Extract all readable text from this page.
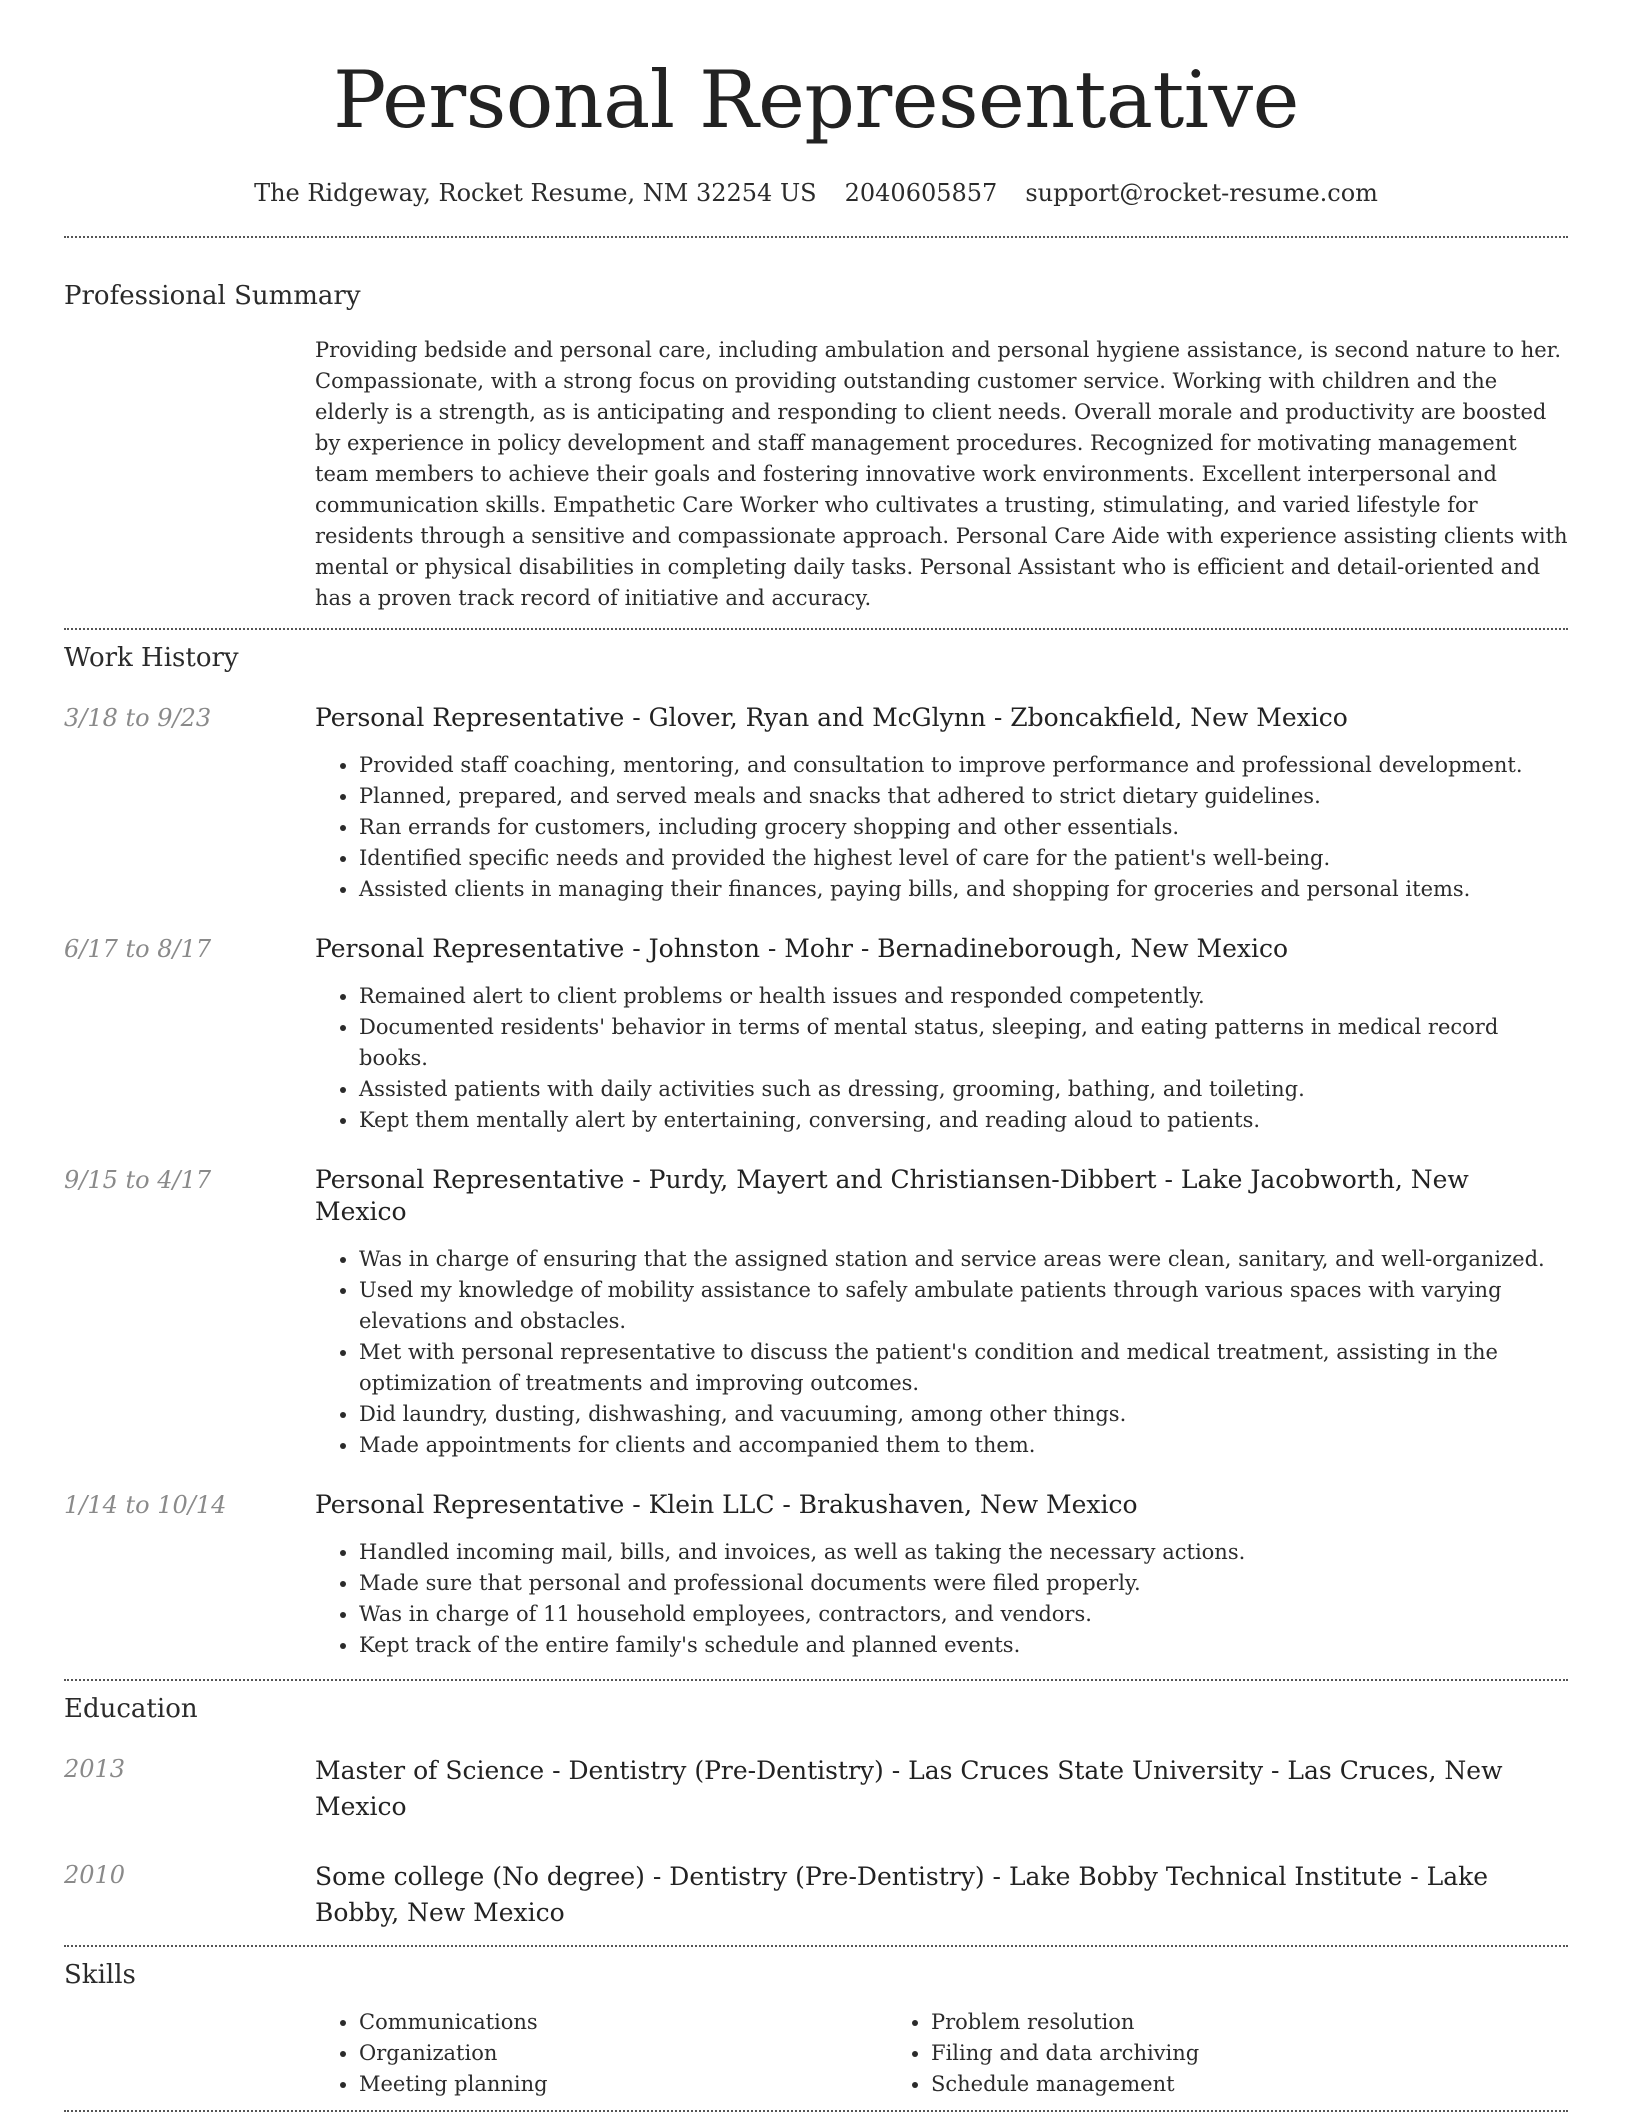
Personal Representative
The Ridgeway, Rocket Resume, NM 32254 US 2040605857 support@rocket-resume.com
Professional Summary
Providing bedside and personal care, including ambulation and personal hygiene assistance, is second nature to her. Compassionate, with a strong focus on providing outstanding customer service. Working with children and the elderly is a strength, as is anticipating and responding to client needs. Overall morale and productivity are boosted by experience in policy development and staff management procedures. Recognized for motivating management team members to achieve their goals and fostering innovative work environments. Excellent interpersonal and communication skills. Empathetic Care Worker who cultivates a trusting, stimulating, and varied lifestyle for residents through a sensitive and compassionate approach. Personal Care Aide with experience assisting clients with mental or physical disabilities in completing daily tasks. Personal Assistant who is efficient and detail-oriented and has a proven track record of initiative and accuracy.
Work History
3/18 to 9/23	Personal Representative - Glover, Ryan and McGlynn - Zboncakfield, New Mexico
• Provided staff coaching, mentoring, and consultation to improve performance and professional development.
• Planned, prepared, and served meals and snacks that adhered to strict dietary guidelines.
• Ran errands for customers, including grocery shopping and other essentials.
• Identified specific needs and provided the highest level of care for the patient's well-being.
• Assisted clients in managing their finances, paying bills, and shopping for groceries and personal items.
6/17 to 8/17	Personal Representative - Johnston - Mohr - Bernadineborough, New Mexico
• Remained alert to client problems or health issues and responded competently.
• Documented residents' behavior in terms of mental status, sleeping, and eating patterns in medical record books.
• Assisted patients with daily activities such as dressing, grooming, bathing, and toileting.
• Kept them mentally alert by entertaining, conversing, and reading aloud to patients.
9/15 to 4/17	Personal Representative - Purdy, Mayert and Christiansen-Dibbert - Lake Jacobworth, New Mexico
• Was in charge of ensuring that the assigned station and service areas were clean, sanitary, and well-organized.
• Used my knowledge of mobility assistance to safely ambulate patients through various spaces with varying elevations and obstacles.
• Met with personal representative to discuss the patient's condition and medical treatment, assisting in the optimization of treatments and improving outcomes.
• Did laundry, dusting, dishwashing, and vacuuming, among other things.
• Made appointments for clients and accompanied them to them.
1/14 to 10/14	Personal Representative - Klein LLC - Brakushaven, New Mexico
• Handled incoming mail, bills, and invoices, as well as taking the necessary actions.
• Made sure that personal and professional documents were filed properly.
• Was in charge of 11 household employees, contractors, and vendors.
• Kept track of the entire family's schedule and planned events.
Education
2013	Master of Science - Dentistry (Pre-Dentistry) - Las Cruces State University - Las Cruces, New Mexico
2010	Some college (No degree) - Dentistry (Pre-Dentistry) - Lake Bobby Technical Institute - Lake Bobby, New Mexico
Skills
• Communications
• Organization
• Meeting planning
• Problem resolution
• Filing and data archiving
• Schedule management
